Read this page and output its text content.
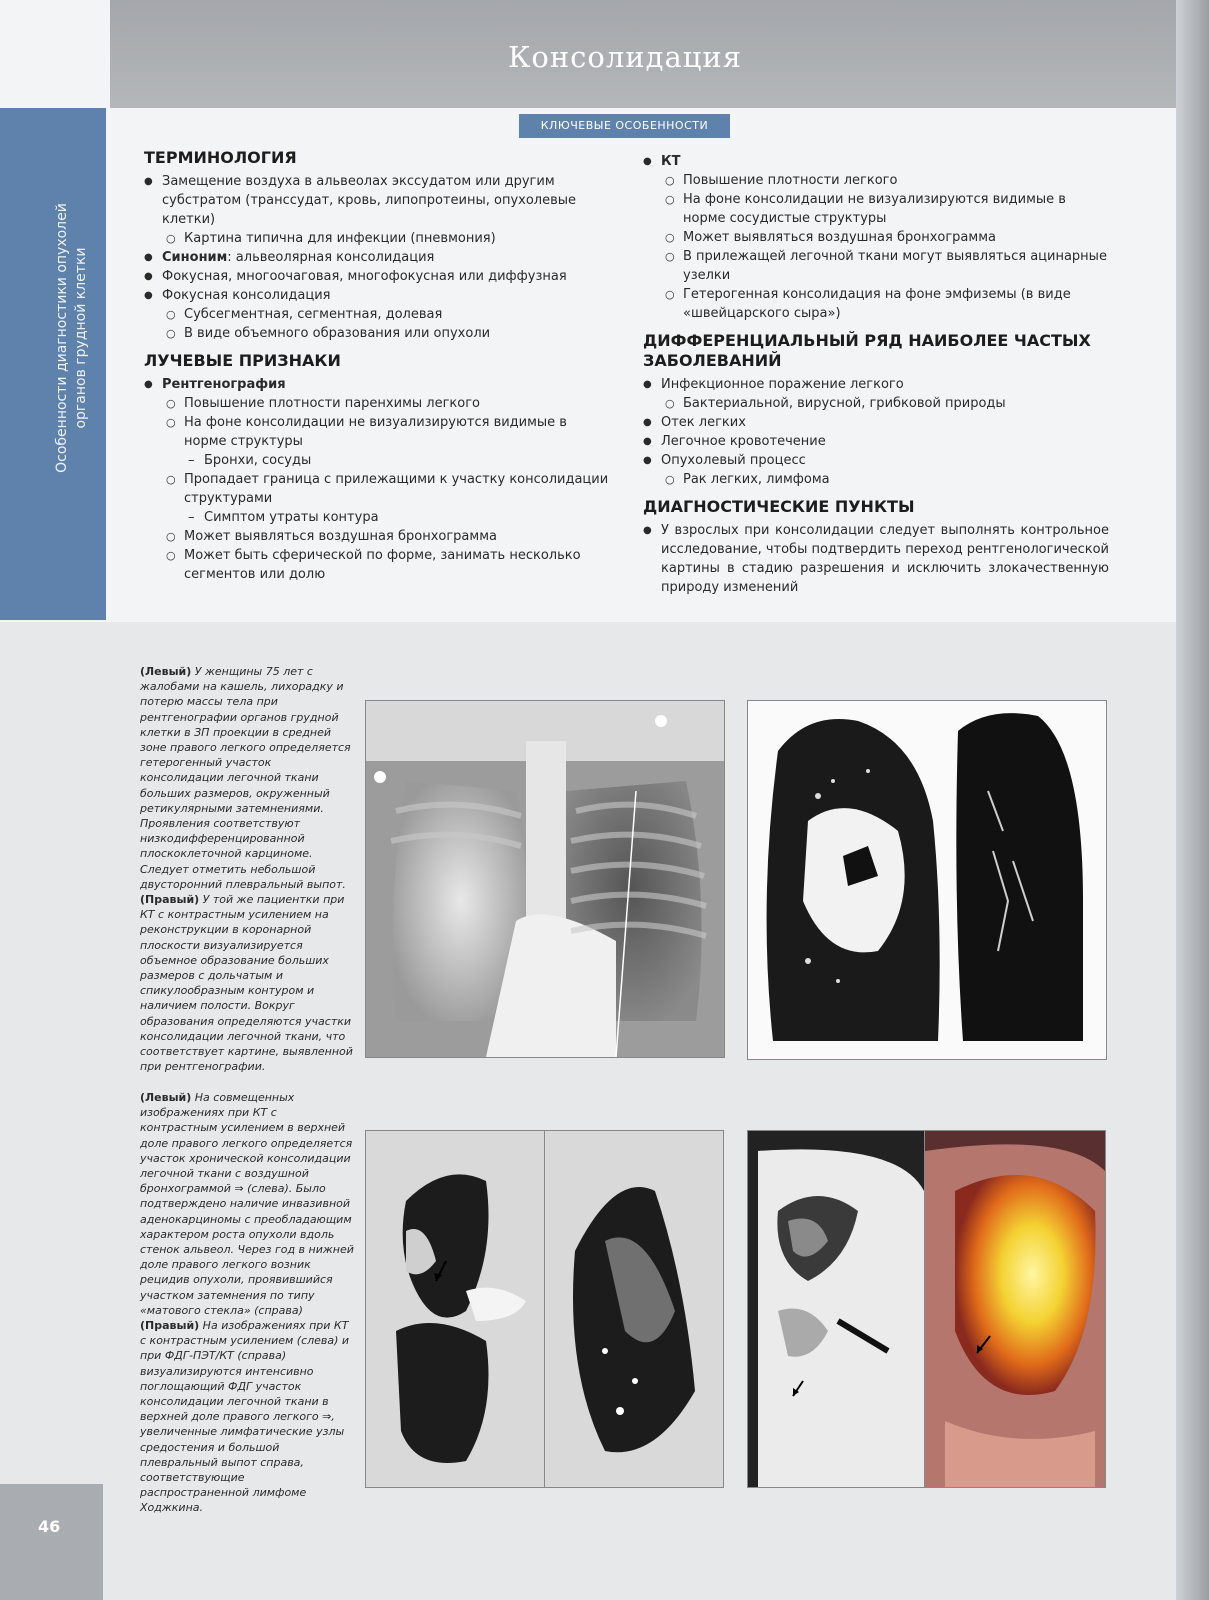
Консолидация
Особенности диагностики опухолей органов грудной клетки
КЛЮЧЕВЫЕ ОСОБЕННОСТИ
ТЕРМИНОЛОГИЯ
● Замещение воздуха в альвеолах экссудатом или другим субстратом (транссудат, кровь, липопротеины, опухолевые клетки)
○ Картина типична для инфекции (пневмония)
● Синоним: альвеолярная консолидация
● Фокусная, многоочаговая, многофокусная или диффузная
● Фокусная консолидация
○ Субсегментная, сегментная, долевая
○ В виде объемного образования или опухоли
ЛУЧЕВЫЕ ПРИЗНАКИ
● Рентгенография
○ Повышение плотности паренхимы легкого
○ На фоне консолидации не визуализируются видимые в норме структуры
– Бронхи, сосуды
○ Пропадает граница с прилежащими к участку консолидации структурами
– Симптом утраты контура
○ Может выявляться воздушная бронхограмма
○ Может быть сферической по форме, занимать несколько сегментов или долю
● КТ
○ Повышение плотности легкого
○ На фоне консолидации не визуализируются видимые в норме сосудистые структуры
○ Может выявляться воздушная бронхограмма
○ В прилежащей легочной ткани могут выявляться ацинарные узелки
○ Гетерогенная консолидация на фоне эмфиземы (в виде «швейцарского сыра»)
ДИФФЕРЕНЦИАЛЬНЫЙ РЯД НАИБОЛЕЕ ЧАСТЫХ ЗАБОЛЕВАНИЙ
● Инфекционное поражение легкого
○ Бактериальной, вирусной, грибковой природы
● Отек легких
● Легочное кровотечение
● Опухолевый процесс
○ Рак легких, лимфома
ДИАГНОСТИЧЕСКИЕ ПУНКТЫ
● У взрослых при консолидации следует выполнять контрольное исследование, чтобы подтвердить переход рентгенологической картины в стадию разрешения и исключить злокачественную природу изменений
(Левый) У женщины 75 лет с жалобами на кашель, лихорадку и потерю массы тела при рентгенографии органов грудной клетки в ЗП проекции в средней зоне правого легкого определяется гетерогенный участок консолидации легочной ткани больших размеров, окруженный ретикулярными затемнениями. Проявления соответствуют низкодифференцированной плоскоклеточной карциноме. Следует отметить небольшой двусторонний плевральный выпот. (Правый) У той же пациентки при КТ с контрастным усилением на реконструкции в коронарной плоскости визуализируется объемное образование больших размеров с дольчатым и спикулообразным контуром и наличием полости. Вокруг образования определяются участки консолидации легочной ткани, что соответствует картине, выявленной при рентгенографии.
(Левый) На совмещенных изображениях при КТ с контрастным усилением в верхней доле правого легкого определяется участок хронической консолидации легочной ткани с воздушной бронхограммой ⇒ (слева). Было подтверждено наличие инвазивной аденокарциномы с преобладающим характером роста опухоли вдоль стенок альвеол. Через год в нижней доле правого легкого возник рецидив опухоли, проявившийся участком затемнения по типу «матового стекла» (справа) (Правый) На изображениях при КТ с контрастным усилением (слева) и при ФДГ-ПЭТ/КТ (справа) визуализируются интенсивно поглощающий ФДГ участок консолидации легочной ткани в верхней доле правого легкого ⇒, увеличенные лимфатические узлы средостения и большой плевральный выпот справа, соответствующие распространенной лимфоме Ходжкина.
46
